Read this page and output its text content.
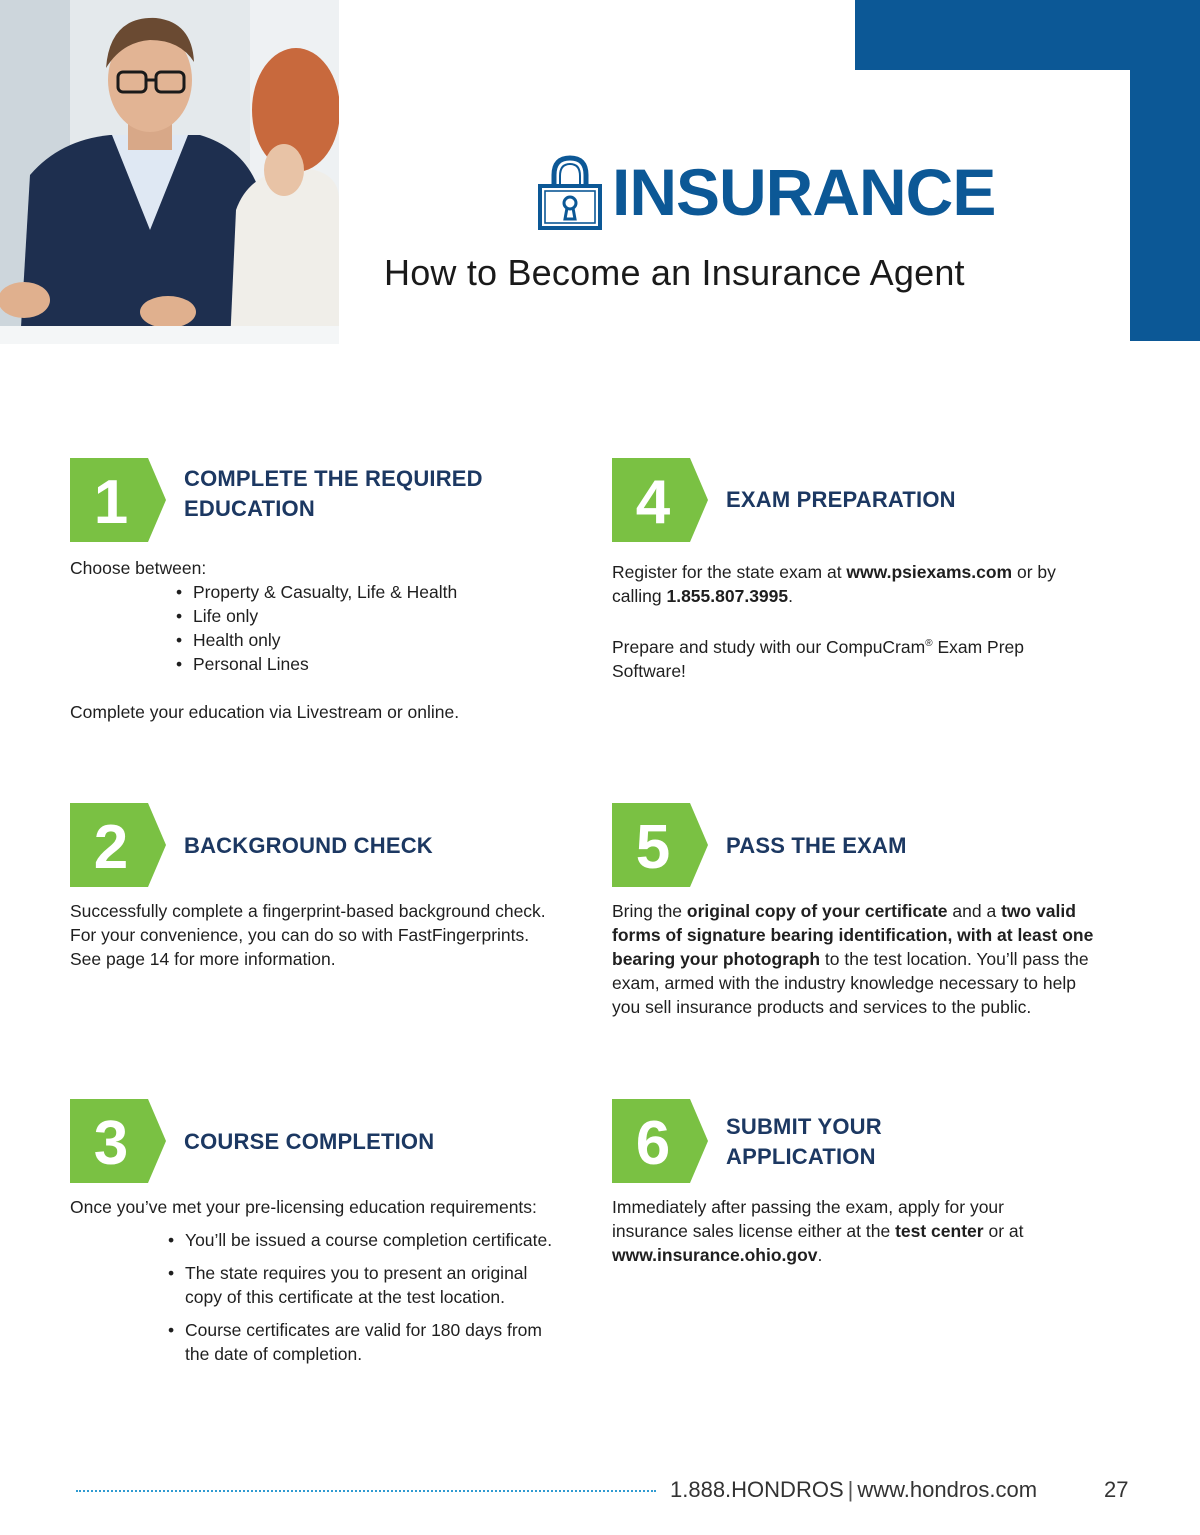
INSURANCE
How to Become an Insurance Agent
1	COMPLETE THE REQUIRED
EDUCATION
Choose between:
• Property & Casualty, Life & Health
• Life only
• Health only
• Personal Lines
Complete your education via Livestream or online.
2	BACKGROUND CHECK
Successfully complete a fingerprint-based background check.
For your convenience, you can do so with FastFingerprints.
See page 14 for more information.
3	COURSE COMPLETION
Once you’ve met your pre-licensing education requirements:
• You’ll be issued a course completion certificate.
• The state requires you to present an original
copy of this certificate at the test location.
• Course certificates are valid for 180 days from
the date of completion.
4	EXAM PREPARATION
Register for the state exam at www.psiexams.com or by
calling 1.855.807.3995.
Prepare and study with our CompuCram® Exam Prep
Software!
5	PASS THE EXAM
Bring the original copy of your certificate and a two valid
forms of signature bearing identification, with at least one
bearing your photograph to the test location. You’ll pass the
exam, armed with the industry knowledge necessary to help
you sell insurance products and services to the public.
6	SUBMIT YOUR
APPLICATION
Immediately after passing the exam, apply for your
insurance sales license either at the test center or at
www.insurance.ohio.gov.
1.888.HONDROS | www.hondros.com	27
